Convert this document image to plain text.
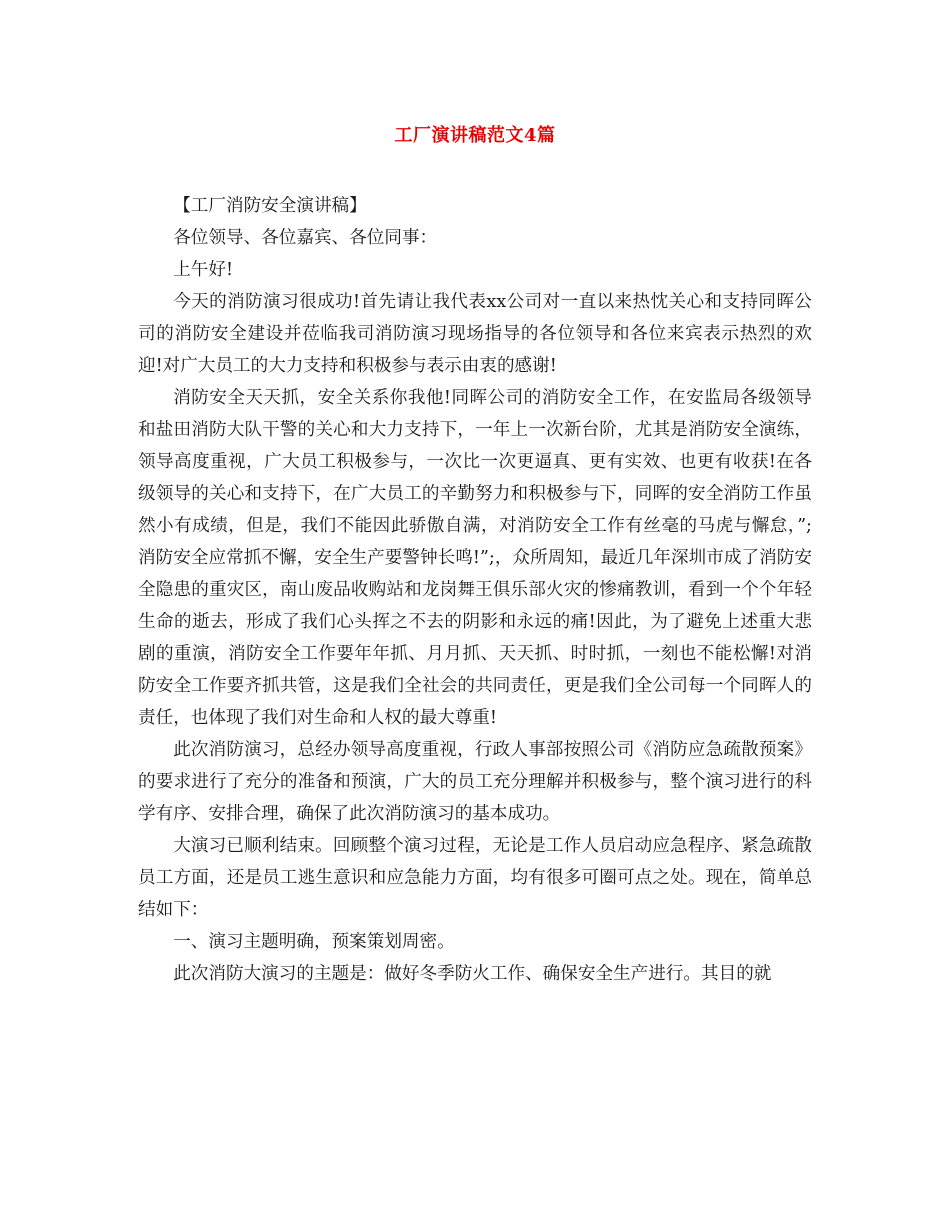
工厂演讲稿范文4篇

【工厂消防安全演讲稿】

各位领导、各位嘉宾、各位同事：

上午好!

今天的消防演习很成功!首先请让我代表xx公司对一直以来热忱关心和支持同晖公司的消防安全建设并莅临我司消防演习现场指导的各位领导和各位来宾表示热烈的欢迎!对广大员工的大力支持和积极参与表示由衷的感谢!

消防安全天天抓，安全关系你我他!同晖公司的消防安全工作，在安监局各级领导和盐田消防大队干警的关心和大力支持下，一年上一次新台阶，尤其是消防安全演练，领导高度重视，广大员工积极参与，一次比一次更逼真、更有实效、也更有收获!在各级领导的关心和支持下，在广大员工的辛勤努力和积极参与下，同晖的安全消防工作虽然小有成绩，但是，我们不能因此骄傲自满，对消防安全工作有丝毫的马虎与懈怠，”;消防安全应常抓不懈，安全生产要警钟长鸣!”;，众所周知，最近几年深圳市成了消防安全隐患的重灾区，南山废品收购站和龙岗舞王俱乐部火灾的惨痛教训，看到一个个年轻生命的逝去，形成了我们心头挥之不去的阴影和永远的痛!因此，为了避免上述重大悲剧的重演，消防安全工作要年年抓、月月抓、天天抓、时时抓，一刻也不能松懈!对消防安全工作要齐抓共管，这是我们全社会的共同责任，更是我们全公司每一个同晖人的责任，也体现了我们对生命和人权的最大尊重!

此次消防演习，总经办领导高度重视，行政人事部按照公司《消防应急疏散预案》的要求进行了充分的准备和预演，广大的员工充分理解并积极参与，整个演习进行的科学有序、安排合理，确保了此次消防演习的基本成功。

大演习已顺利结束。回顾整个演习过程，无论是工作人员启动应急程序、紧急疏散员工方面，还是员工逃生意识和应急能力方面，均有很多可圈可点之处。现在，简单总结如下：

一、演习主题明确，预案策划周密。

此次消防大演习的主题是：做好冬季防火工作、确保安全生产进行。其目的就
